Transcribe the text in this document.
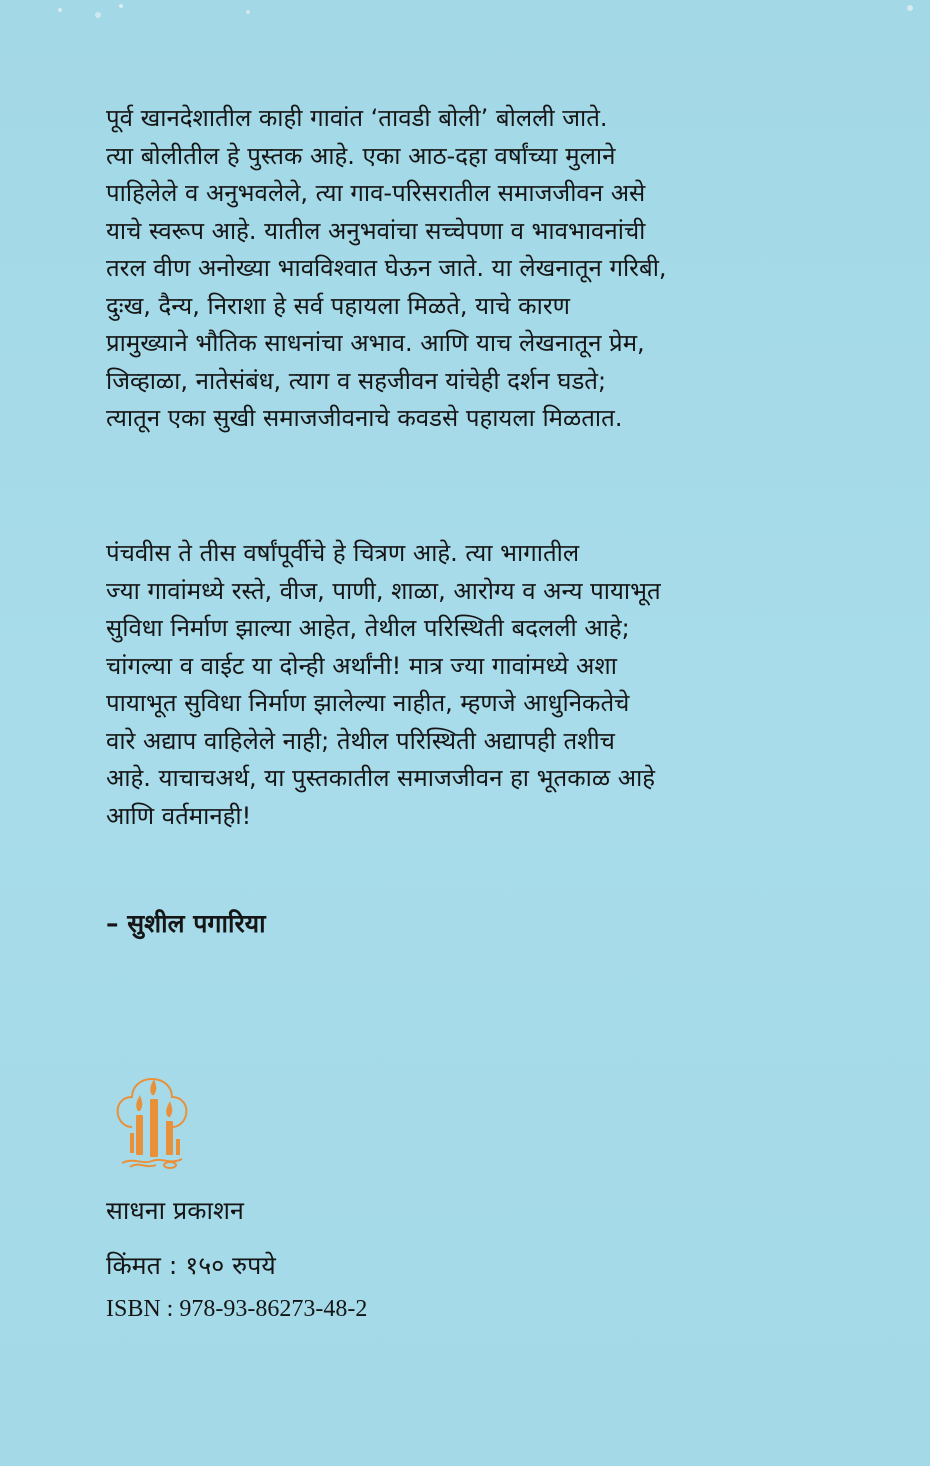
पूर्व खानदेशातील काही गावांत ‘तावडी बोली’ बोलली जाते.
त्या बोलीतील हे पुस्तक आहे. एका आठ-दहा वर्षांच्या मुलाने
पाहिलेले व अनुभवलेले, त्या गाव-परिसरातील समाजजीवन असे
याचे स्वरूप आहे. यातील अनुभवांचा सच्चेपणा व भावभावनांची
तरल वीण अनोख्या भावविश्वात घेऊन जाते. या लेखनातून गरिबी,
दुःख, दैन्य, निराशा हे सर्व पहायला मिळते, याचे कारण
प्रामुख्याने भौतिक साधनांचा अभाव. आणि याच लेखनातून प्रेम,
जिव्हाळा, नातेसंबंध, त्याग व सहजीवन यांचेही दर्शन घडते;
त्यातून एका सुखी समाजजीवनाचे कवडसे पहायला मिळतात.
पंचवीस ते तीस वर्षांपूर्वीचे हे चित्रण आहे. त्या भागातील
ज्या गावांमध्ये रस्ते, वीज, पाणी, शाळा, आरोग्य व अन्य पायाभूत
सुविधा निर्माण झाल्या आहेत, तेथील परिस्थिती बदलली आहे;
चांगल्या व वाईट या दोन्ही अर्थांनी! मात्र ज्या गावांमध्ये अशा
पायाभूत सुविधा निर्माण झालेल्या नाहीत, म्हणजे आधुनिकतेचे
वारे अद्याप वाहिलेले नाही; तेथील परिस्थिती अद्यापही तशीच
आहे. याचाचअर्थ, या पुस्तकातील समाजजीवन हा भूतकाळ आहे
आणि वर्तमानही!
– सुशील पगारिया
साधना प्रकाशन
किंमत : १५० रुपये
ISBN : 978-93-86273-48-2
